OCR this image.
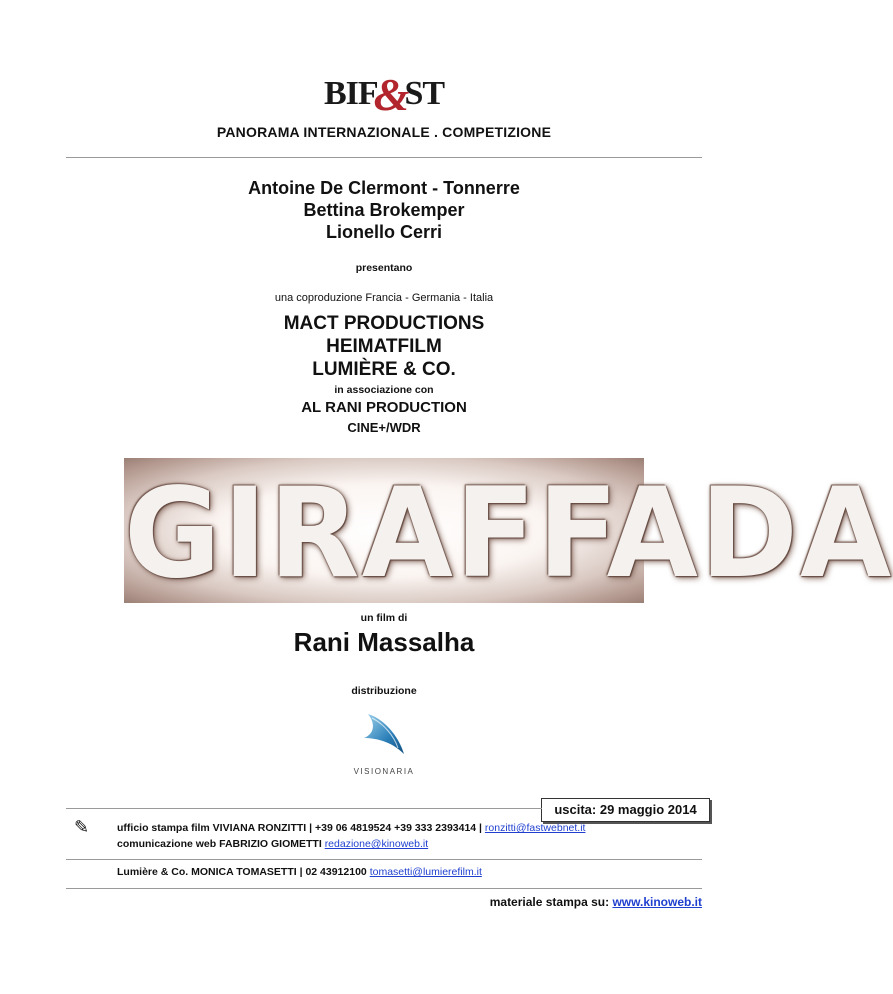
BIF&ST
PANORAMA INTERNAZIONALE . COMPETIZIONE
Antoine De Clermont - Tonnerre
Bettina Brokemper
Lionello Cerri
presentano
una coproduzione Francia - Germania - Italia
MACT PRODUCTIONS
HEIMATFILM
LUMIÈRE & CO.
in associazione con
AL RANI PRODUCTION
CINE+/WDR
GIRAFFADA
un film di
Rani Massalha
distribuzione
VISIONARIA
uscita: 29 maggio 2014
✎	ufficio stampa film VIVIANA RONZITTI | +39 06 4819524 +39 333 2393414 | ronzitti@fastwebnet.it
comunicazione web FABRIZIO GIOMETTI redazione@kinoweb.it
Lumière & Co. MONICA TOMASETTI | 02 43912100 tomasetti@lumierefilm.it
materiale stampa su: www.kinoweb.it
